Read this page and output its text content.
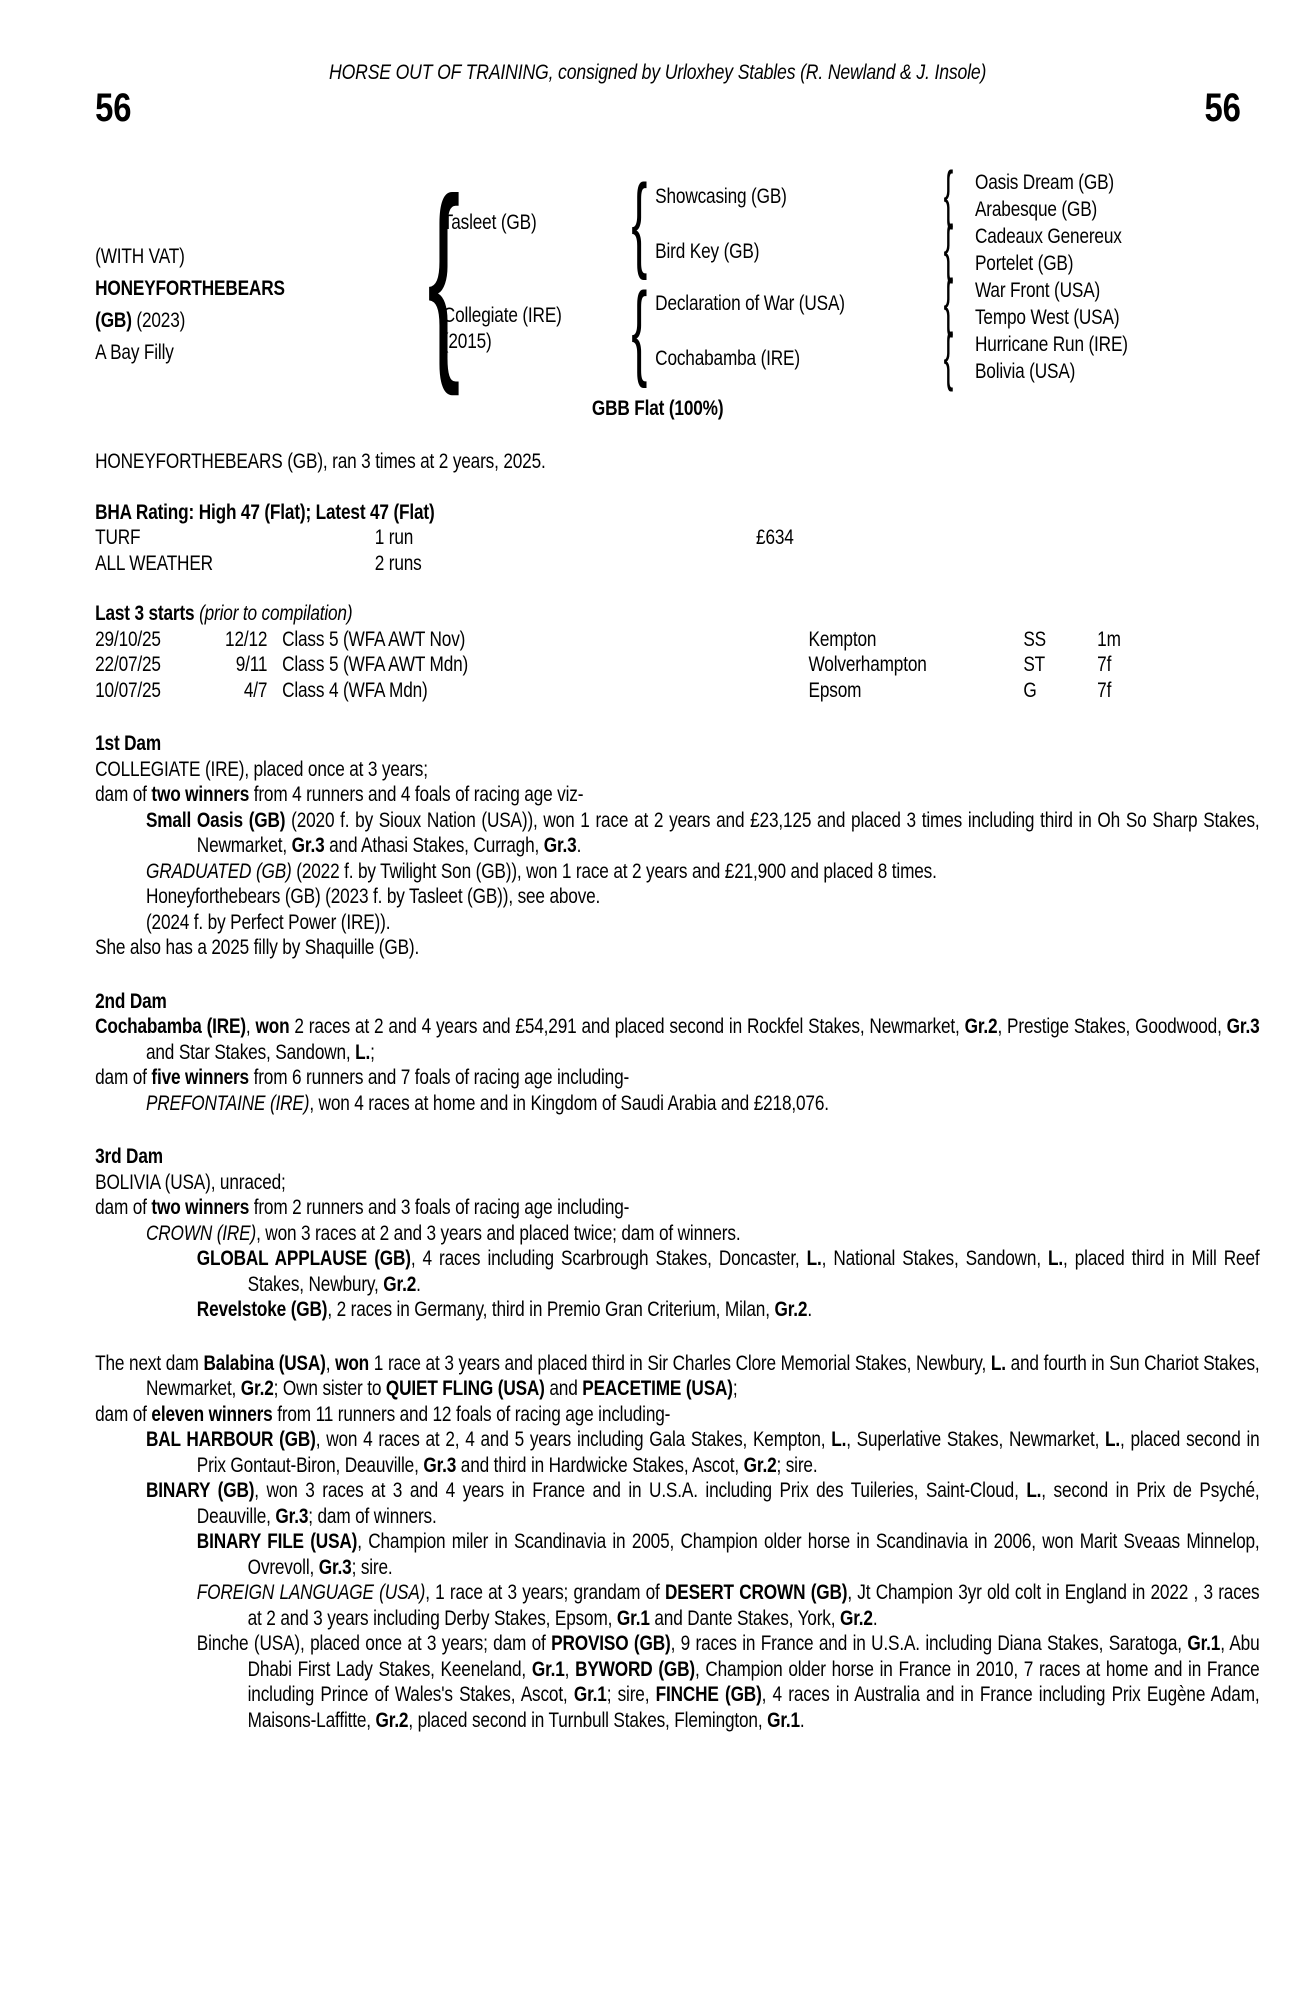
HORSE OUT OF TRAINING, consigned by Urloxhey Stables (R. Newland & J. Insole)
56	56
(WITH VAT)
HONEYFORTHEBEARS
(GB) (2023)
A Bay Filly
{
Tasleet (GB)
Collegiate (IRE)
(2015)
{
{
Showcasing (GB)
Bird Key (GB)
Declaration of War (USA)
Cochabamba (IRE)
{
{
{
{
Oasis Dream (GB)
Arabesque (GB)
Cadeaux Genereux
Portelet (GB)
War Front (USA)
Tempo West (USA)
Hurricane Run (IRE)
Bolivia (USA)
GBB Flat (100%)
HONEYFORTHEBEARS (GB), ran 3 times at 2 years, 2025.
BHA Rating: High 47 (Flat); Latest 47 (Flat)
TURF	1 run	£634
ALL WEATHER	2 runs
Last 3 starts (prior to compilation)
29/10/25	12/12 Class 5 (WFA AWT Nov)	Kempton	SS	1m
22/07/25	9/11 Class 5 (WFA AWT Mdn)	Wolverhampton	ST	7f
10/07/25	4/7 Class 4 (WFA Mdn)	Epsom	G	7f
1st Dam
COLLEGIATE (IRE), placed once at 3 years;
dam of two winners from 4 runners and 4 foals of racing age viz-
Small Oasis (GB) (2020 f. by Sioux Nation (USA)), won 1 race at 2 years and £23,125 and placed 3 times including third in Oh So Sharp Stakes, Newmarket, Gr.3 and Athasi Stakes, Curragh, Gr.3.
GRADUATED (GB) (2022 f. by Twilight Son (GB)), won 1 race at 2 years and £21,900 and placed 8 times.
Honeyforthebears (GB) (2023 f. by Tasleet (GB)), see above.
(2024 f. by Perfect Power (IRE)).
She also has a 2025 filly by Shaquille (GB).
2nd Dam
Cochabamba (IRE), won 2 races at 2 and 4 years and £54,291 and placed second in Rockfel Stakes, Newmarket, Gr.2, Prestige Stakes, Goodwood, Gr.3 and Star Stakes, Sandown, L.;
dam of five winners from 6 runners and 7 foals of racing age including-
PREFONTAINE (IRE), won 4 races at home and in Kingdom of Saudi Arabia and £218,076.
3rd Dam
BOLIVIA (USA), unraced;
dam of two winners from 2 runners and 3 foals of racing age including-
CROWN (IRE), won 3 races at 2 and 3 years and placed twice; dam of winners.
GLOBAL APPLAUSE (GB), 4 races including Scarbrough Stakes, Doncaster, L., National Stakes, Sandown, L., placed third in Mill Reef Stakes, Newbury, Gr.2.
Revelstoke (GB), 2 races in Germany, third in Premio Gran Criterium, Milan, Gr.2.
The next dam Balabina (USA), won 1 race at 3 years and placed third in Sir Charles Clore Memorial Stakes, Newbury, L. and fourth in Sun Chariot Stakes, Newmarket, Gr.2; Own sister to QUIET FLING (USA) and PEACETIME (USA);
dam of eleven winners from 11 runners and 12 foals of racing age including-
BAL HARBOUR (GB), won 4 races at 2, 4 and 5 years including Gala Stakes, Kempton, L., Superlative Stakes, Newmarket, L., placed second in Prix Gontaut-Biron, Deauville, Gr.3 and third in Hardwicke Stakes, Ascot, Gr.2; sire.
BINARY (GB), won 3 races at 3 and 4 years in France and in U.S.A. including Prix des Tuileries, Saint-Cloud, L., second in Prix de Psyché, Deauville, Gr.3; dam of winners.
BINARY FILE (USA), Champion miler in Scandinavia in 2005, Champion older horse in Scandinavia in 2006, won Marit Sveaas Minnelop, Ovrevoll, Gr.3; sire.
FOREIGN LANGUAGE (USA), 1 race at 3 years; grandam of DESERT CROWN (GB), Jt Champion 3yr old colt in England in 2022 , 3 races at 2 and 3 years including Derby Stakes, Epsom, Gr.1 and Dante Stakes, York, Gr.2.
Binche (USA), placed once at 3 years; dam of PROVISO (GB), 9 races in France and in U.S.A. including Diana Stakes, Saratoga, Gr.1, Abu Dhabi First Lady Stakes, Keeneland, Gr.1, BYWORD (GB), Champion older horse in France in 2010, 7 races at home and in France including Prince of Wales's Stakes, Ascot, Gr.1; sire, FINCHE (GB), 4 races in Australia and in France including Prix Eugène Adam, Maisons-Laffitte, Gr.2, placed second in Turnbull Stakes, Flemington, Gr.1.
